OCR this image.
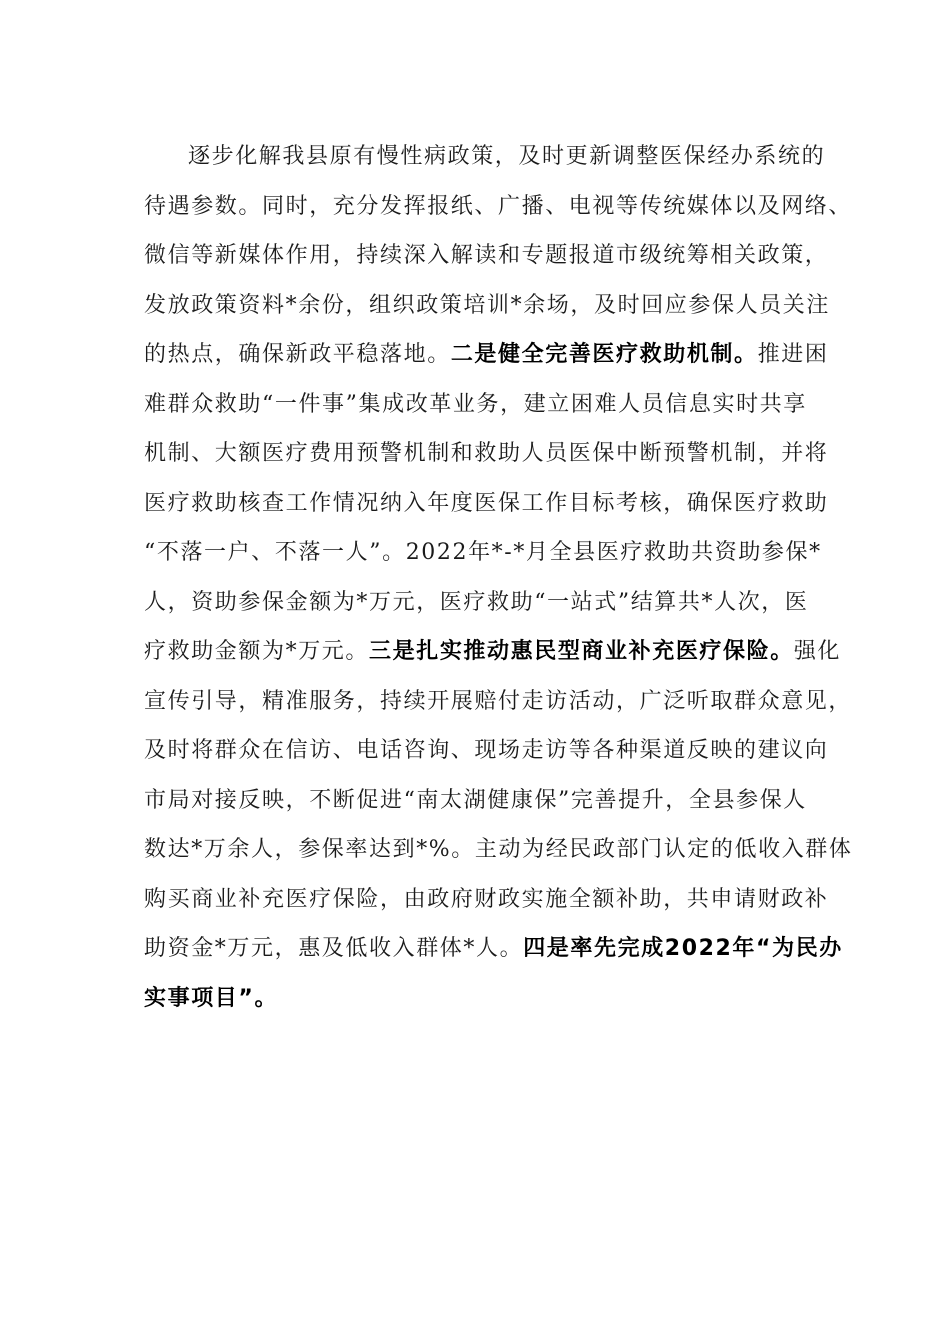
逐步化解我县原有慢性病政策，及时更新调整医保经办系统的
待遇参数。同时，充分发挥报纸、广播、电视等传统媒体以及网络、
微信等新媒体作用，持续深入解读和专题报道市级统筹相关政策，
发放政策资料*余份，组织政策培训*余场，及时回应参保人员关注
的热点，确保新政平稳落地。二是健全完善医疗救助机制。推进困
难群众救助“一件事”集成改革业务，建立困难人员信息实时共享
机制、大额医疗费用预警机制和救助人员医保中断预警机制，并将
医疗救助核查工作情况纳入年度医保工作目标考核，确保医疗救助
“不落一户、不落一人”。2022年*-*月全县医疗救助共资助参保*
人，资助参保金额为*万元，医疗救助“一站式”结算共*人次，医
疗救助金额为*万元。三是扎实推动惠民型商业补充医疗保险。强化
宣传引导，精准服务，持续开展赔付走访活动，广泛听取群众意见，
及时将群众在信访、电话咨询、现场走访等各种渠道反映的建议向
市局对接反映，不断促进“南太湖健康保”完善提升，全县参保人
数达*万余人，参保率达到*%。主动为经民政部门认定的低收入群体
购买商业补充医疗保险，由政府财政实施全额补助，共申请财政补
助资金*万元，惠及低收入群体*人。四是率先完成2022年“为民办
实事项目”。
